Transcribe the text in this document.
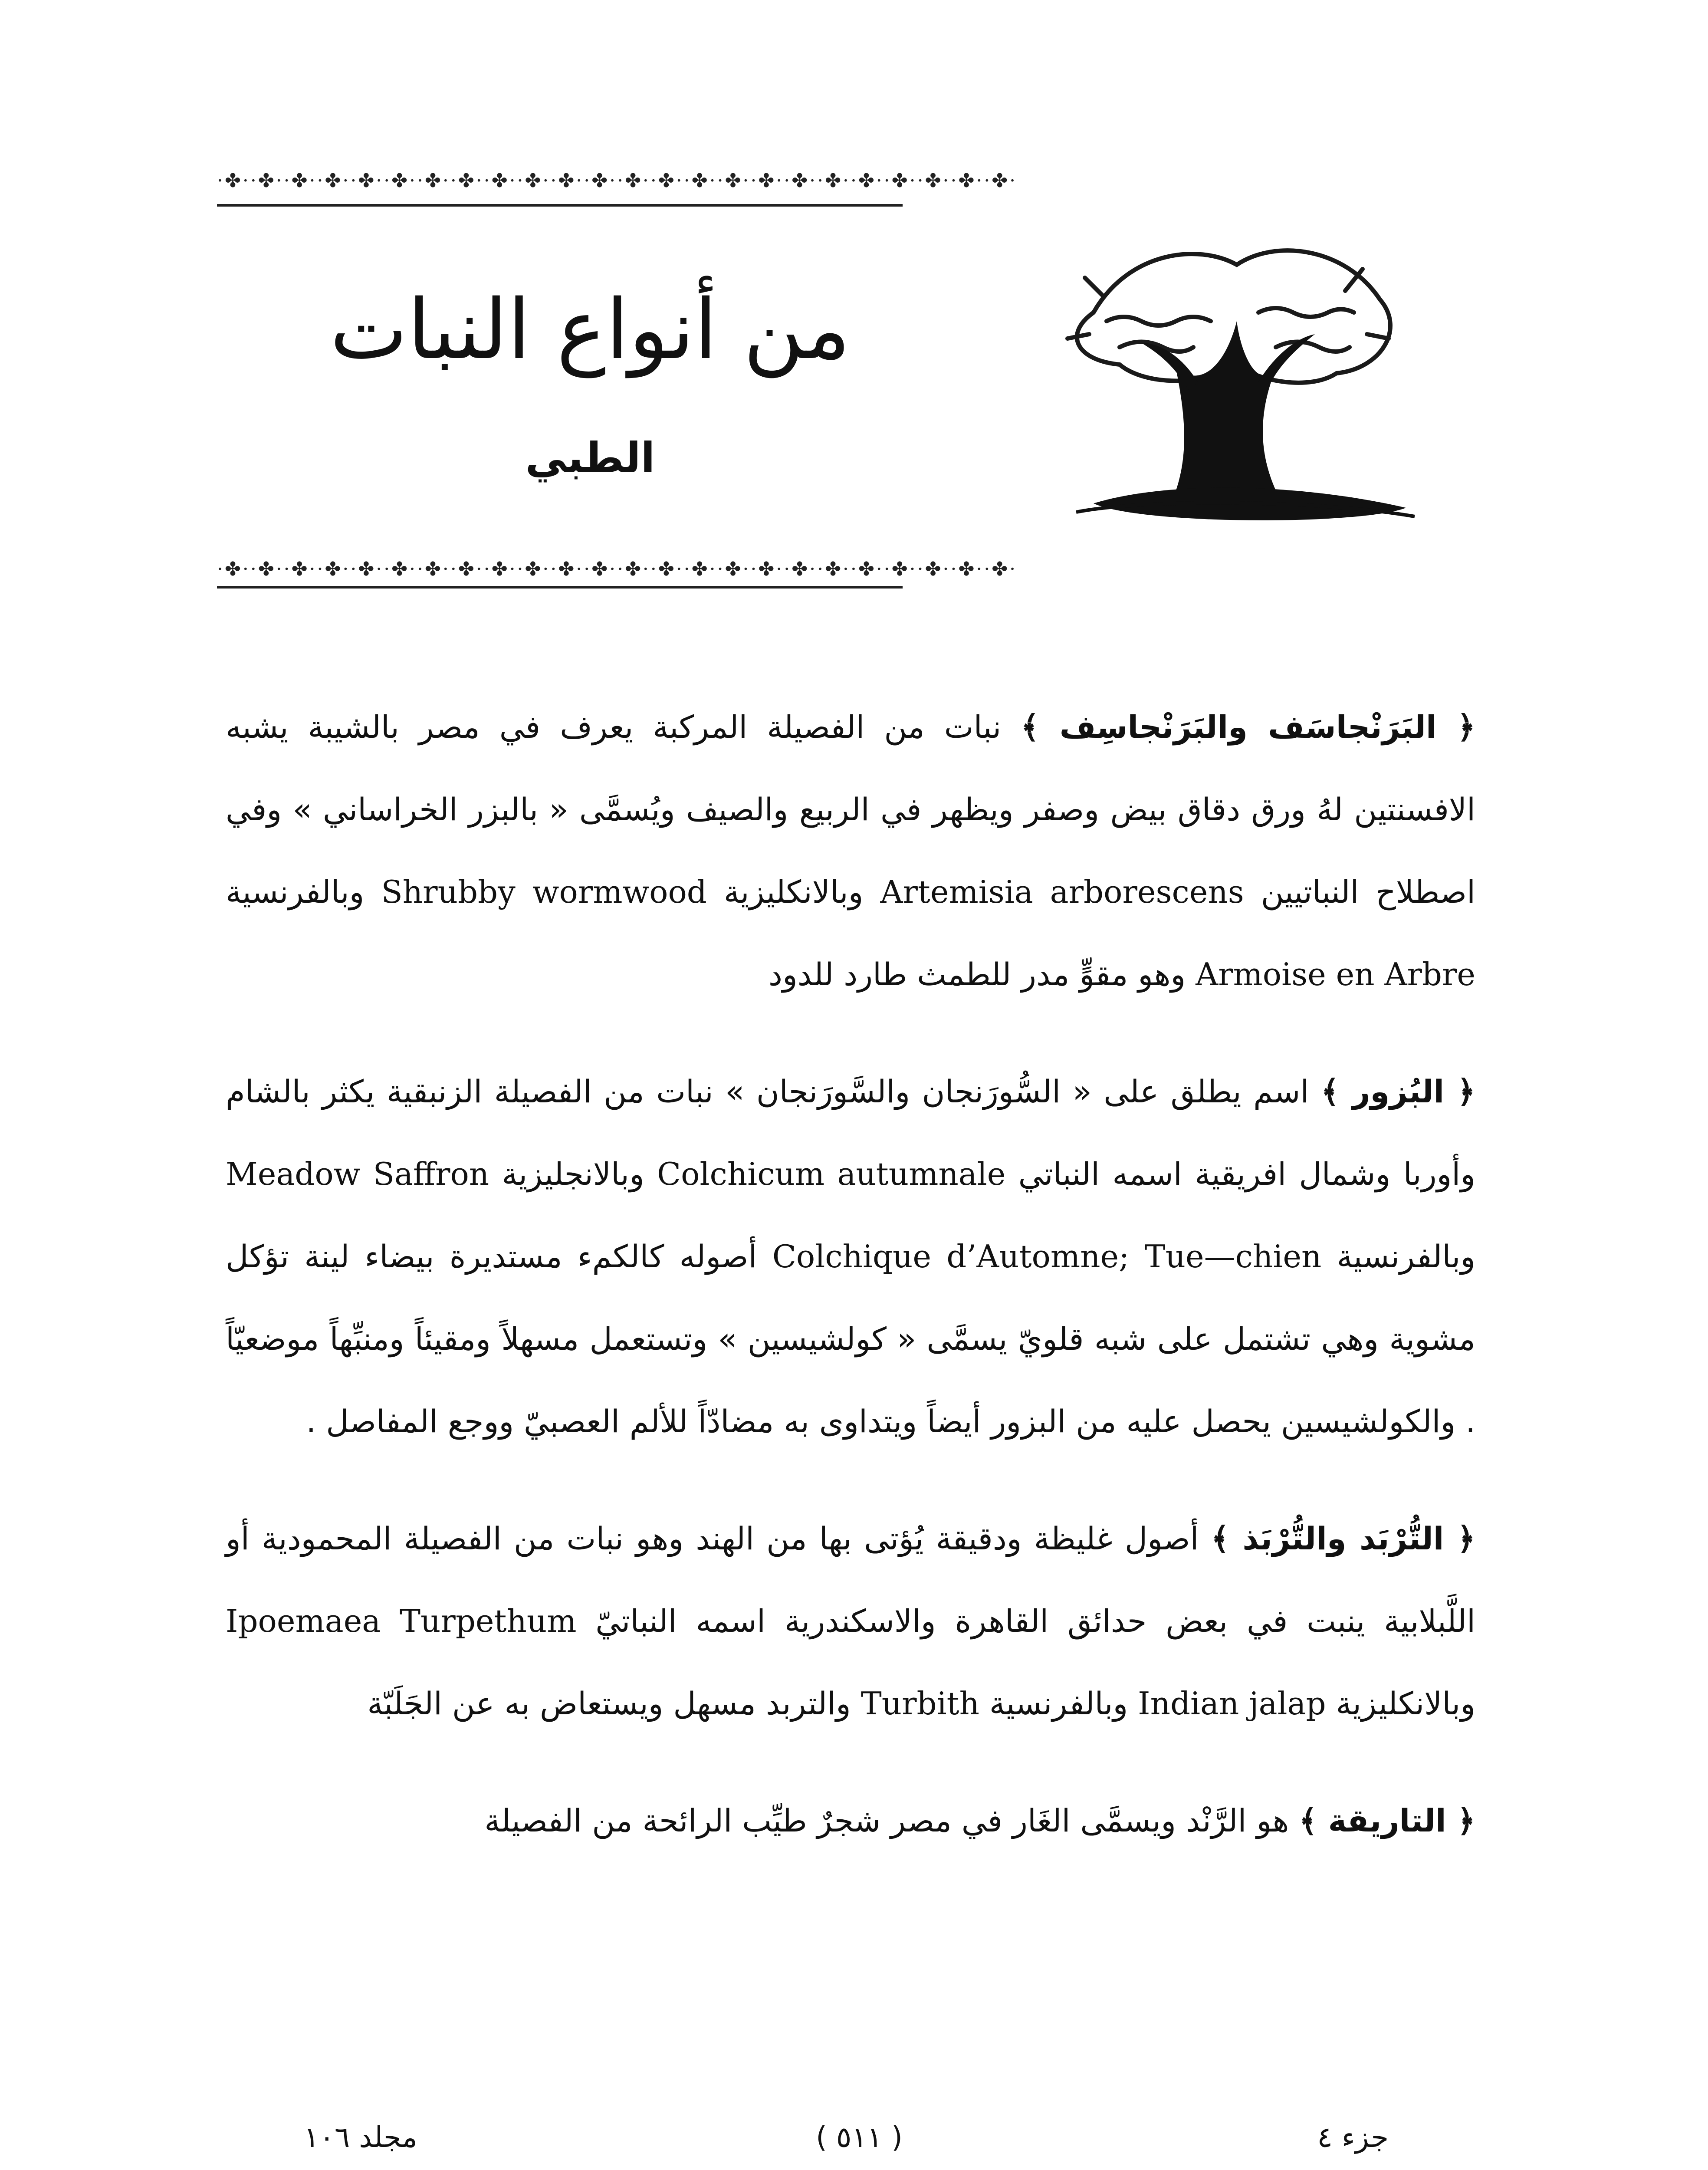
·✤··✤··✤··✤··✤··✤··✤··✤··✤··✤··✤··✤··✤··✤··✤··✤··✤··✤··✤··✤··✤··✤··✤··✤·
من أنواع النبات
الطبي
·✤··✤··✤··✤··✤··✤··✤··✤··✤··✤··✤··✤··✤··✤··✤··✤··✤··✤··✤··✤··✤··✤··✤··✤·

﴿ البَرَنْجاسَف والبَرَنْجاسِف ﴾ نبات من الفصيلة المركبة يعرف في مصر بالشيبة يشبه الافسنتين لهُ ورق دقاق بيض وصفر ويظهر في الربيع والصيف ويُسمَّى « بالبزر الخراساني » وفي اصطلاح النباتيين Artemisia arborescens وبالانكليزية Shrubby wormwood وبالفرنسية Armoise en Arbre وهو مقوٍّ مدر للطمث طارد للدود

﴿ البُزور ﴾ اسم يطلق على « السُّورَنجان والسَّورَنجان » نبات من الفصيلة الزنبقية يكثر بالشام وأوربا وشمال افريقية اسمه النباتي Colchicum autumnale وبالانجليزية Meadow Saffron وبالفرنسية Colchique d’Automne; Tue—chien أصوله كالكمء مستديرة بيضاء لينة تؤكل مشوية وهي تشتمل على شبه قلويّ يسمَّى « كولشيسين » وتستعمل مسهلاً ومقيئاً ومنبِّهاً موضعيّاً . والكولشيسين يحصل عليه من البزور أيضاً ويتداوى به مضادّاً للألم العصبيّ ووجع المفاصل .

﴿ التُّرْبَد والتُّرْبَذ ﴾ أصول غليظة ودقيقة يُؤتى بها من الهند وهو نبات من الفصيلة المحمودية أو اللَّبلابية ينبت في بعض حدائق القاهرة والاسكندرية اسمه النباتيّ Ipoemaea Turpethum وبالانكليزية Indian jalap وبالفرنسية Turbith والتربد مسهل ويستعاض به عن الجَلَبّة

﴿ التاريقة ﴾ هو الرَّنْد ويسمَّى الغَار في مصر شجرٌ طيِّب الرائحة من الفصيلة

جزء ٤
( ٥١١ )
مجلد ١٠٦
